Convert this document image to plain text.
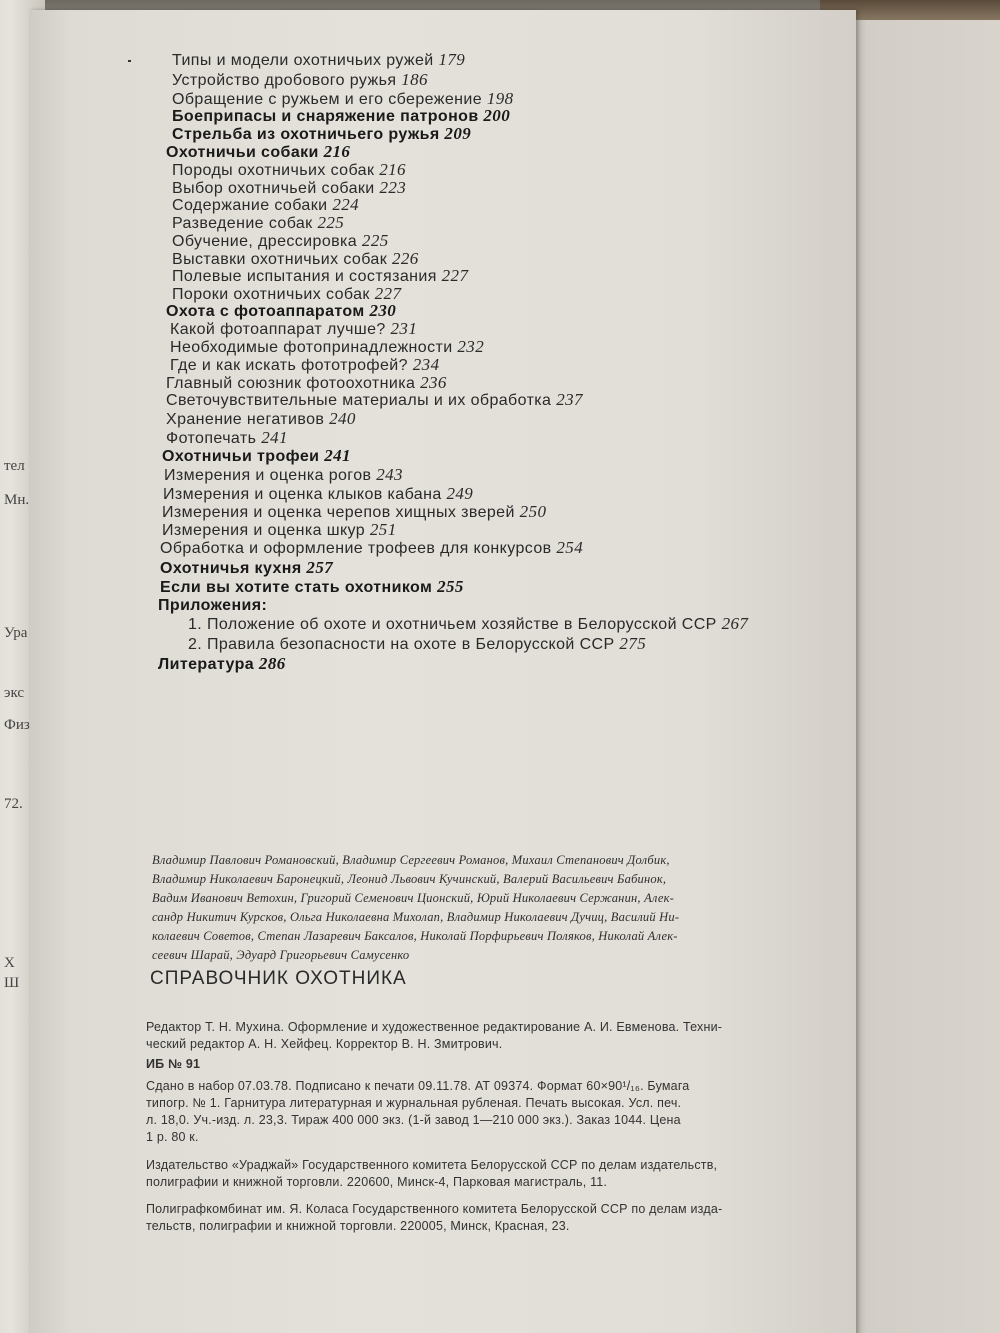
тел
Мн.
Ура
экс
Физ
72.
Х
Ш
Типы и модели охотничьих ружей 179
Устройство дробового ружья 186
Обращение с ружьем и его сбережение 198
Боеприпасы и снаряжение патронов 200
Стрельба из охотничьего ружья 209
Охотничьи собаки 216
Породы охотничьих собак 216
Выбор охотничьей собаки 223
Содержание собаки 224
Разведение собак 225
Обучение, дрессировка 225
Выставки охотничьих собак 226
Полевые испытания и состязания 227
Пороки охотничьих собак 227
Охота с фотоаппаратом 230
Какой фотоаппарат лучше? 231
Необходимые фотопринадлежности 232
Где и как искать фототрофей? 234
Главный союзник фотоохотника 236
Светочувствительные материалы и их обработка 237
Хранение негативов 240
Фотопечать 241
Охотничьи трофеи 241
Измерения и оценка рогов 243
Измерения и оценка клыков кабана 249
Измерения и оценка черепов хищных зверей 250
Измерения и оценка шкур 251
Обработка и оформление трофеев для конкурсов 254
Охотничья кухня 257
Если вы хотите стать охотником 255
Приложения:
1. Положение об охоте и охотничьем хозяйстве в Белорусской ССР 267
2. Правила безопасности на охоте в Белорусской ССР 275
Литература 286
Владимир Павлович Романовский, Владимир Сергеевич Романов, Михаил Степанович Долбик,
Владимир Николаевич Баронецкий, Леонид Львович Кучинский, Валерий Васильевич Бабинок,
Вадим Иванович Ветохин, Григорий Семенович Ционский, Юрий Николаевич Сержанин, Алек-
сандр Никитич Курсков, Ольга Николаевна Михолап, Владимир Николаевич Дучиц, Василий Ни-
колаевич Советов, Степан Лазаревич Баксалов, Николай Порфирьевич Поляков, Николай Алек-
сеевич Шарай, Эдуард Григорьевич Самусенко
СПРАВОЧНИК ОХОТНИКА
Редактор Т. Н. Мухина. Оформление и художественное редактирование А. И. Евменова. Техни-
ческий редактор А. Н. Хейфец. Корректор В. Н. Змитрович.
ИБ № 91
Сдано в набор 07.03.78. Подписано к печати 09.11.78. АТ 09374. Формат 60×90¹/₁₆. Бумага
типогр. № 1. Гарнитура литературная и журнальная рубленая. Печать высокая. Усл. печ.
л. 18,0. Уч.-изд. л. 23,3. Тираж 400 000 экз. (1-й завод 1—210 000 экз.). Заказ 1044. Цена
1 р. 80 к.
Издательство «Ураджай» Государственного комитета Белорусской ССР по делам издательств,
полиграфии и книжной торговли. 220600, Минск-4, Парковая магистраль, 11.
Полиграфкомбинат им. Я. Коласа Государственного комитета Белорусской ССР по делам изда-
тельств, полиграфии и книжной торговли. 220005, Минск, Красная, 23.
